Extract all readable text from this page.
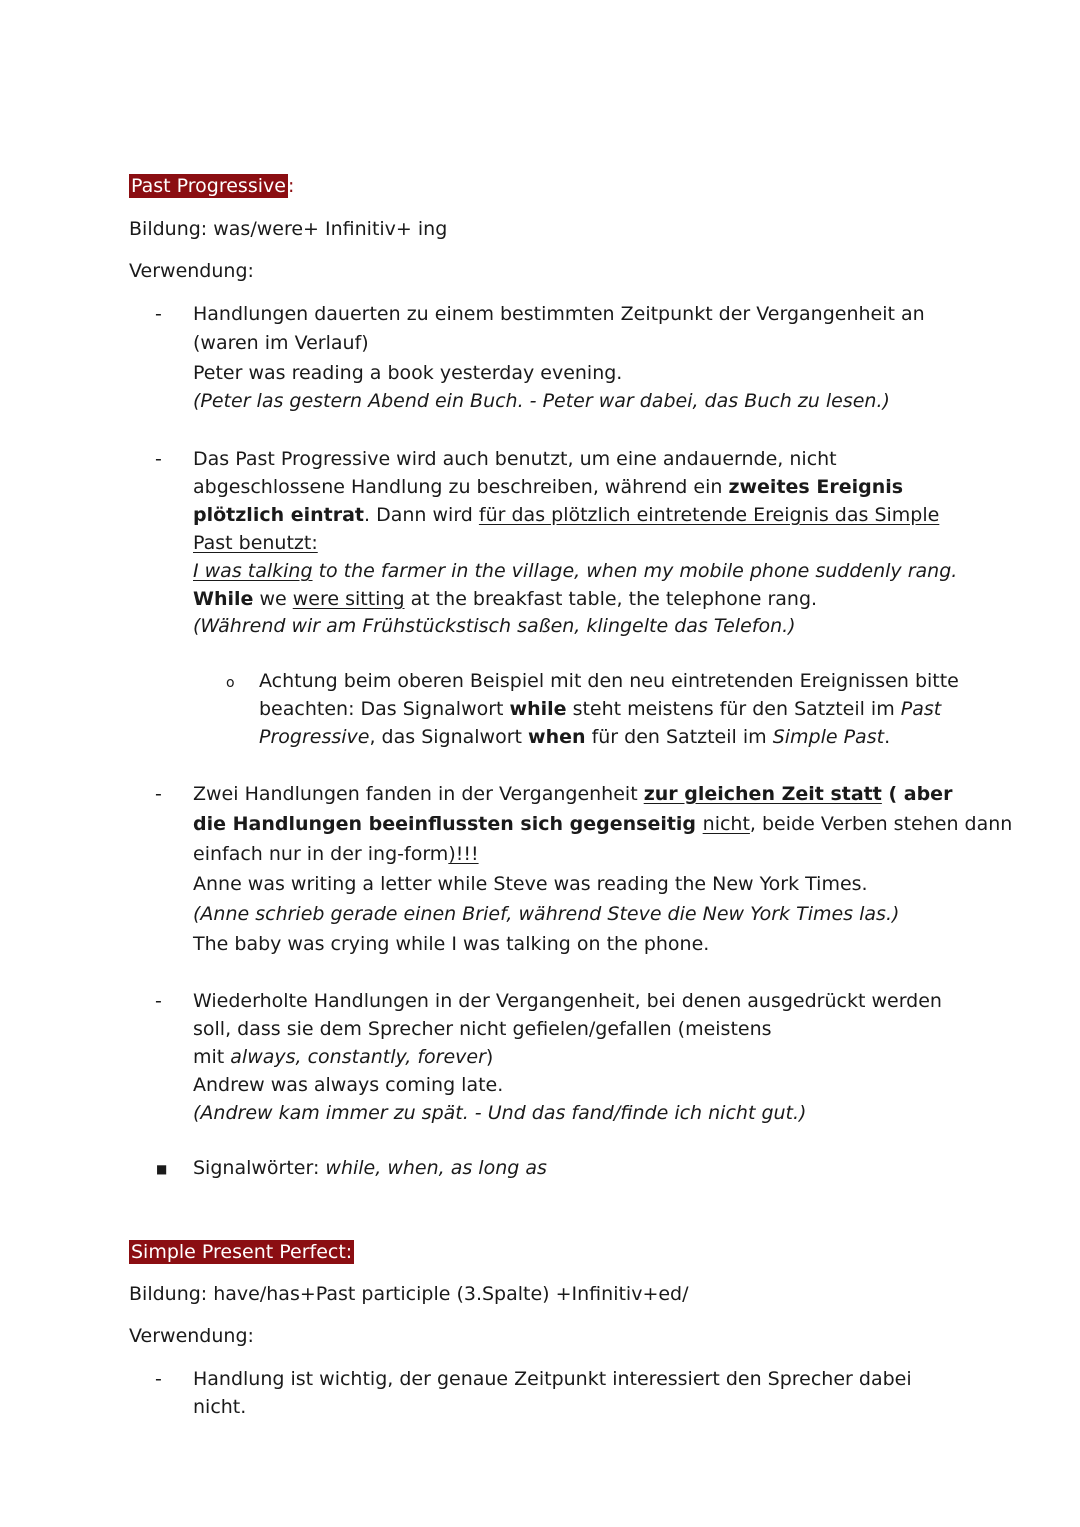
Past Progressive :
Bildung: was/were+ Infinitiv+ ing
Verwendung:
- Handlungen dauerten zu einem bestimmten Zeitpunkt der Vergangenheit an
(waren im Verlauf)
Peter was reading a book yesterday evening.
(Peter las gestern Abend ein Buch. - Peter war dabei, das Buch zu lesen.)
- Das Past Progressive wird auch benutzt, um eine andauernde, nicht
abgeschlossene Handlung zu beschreiben, während ein zweites Ereignis
plötzlich eintrat. Dann wird für das plötzlich eintretende Ereignis das Simple
Past benutzt:
I was talking to the farmer in the village, when my mobile phone suddenly rang.
While we were sitting at the breakfast table, the telephone rang.
(Während wir am Frühstückstisch saßen, klingelte das Telefon.)
o Achtung beim oberen Beispiel mit den neu eintretenden Ereignissen bitte
beachten: Das Signalwort while steht meistens für den Satzteil im Past
Progressive, das Signalwort when für den Satzteil im Simple Past.
- Zwei Handlungen fanden in der Vergangenheit zur gleichen Zeit statt ( aber
die Handlungen beeinflussten sich gegenseitig nicht, beide Verben stehen dann
einfach nur in der ing-form)!!!
Anne was writing a letter while Steve was reading the New York Times.
(Anne schrieb gerade einen Brief, während Steve die New York Times las.)
The baby was crying while I was talking on the phone.
- Wiederholte Handlungen in der Vergangenheit, bei denen ausgedrückt werden
soll, dass sie dem Sprecher nicht gefielen/gefallen (meistens
mit always, constantly, forever)
Andrew was always coming late.
(Andrew kam immer zu spät. - Und das fand/finde ich nicht gut.)
■ Signalwörter: while, when, as long as
Simple Present Perfect:
Bildung: have/has+Past participle (3.Spalte) +Infinitiv+ed/
Verwendung:
- Handlung ist wichtig, der genaue Zeitpunkt interessiert den Sprecher dabei
nicht.
